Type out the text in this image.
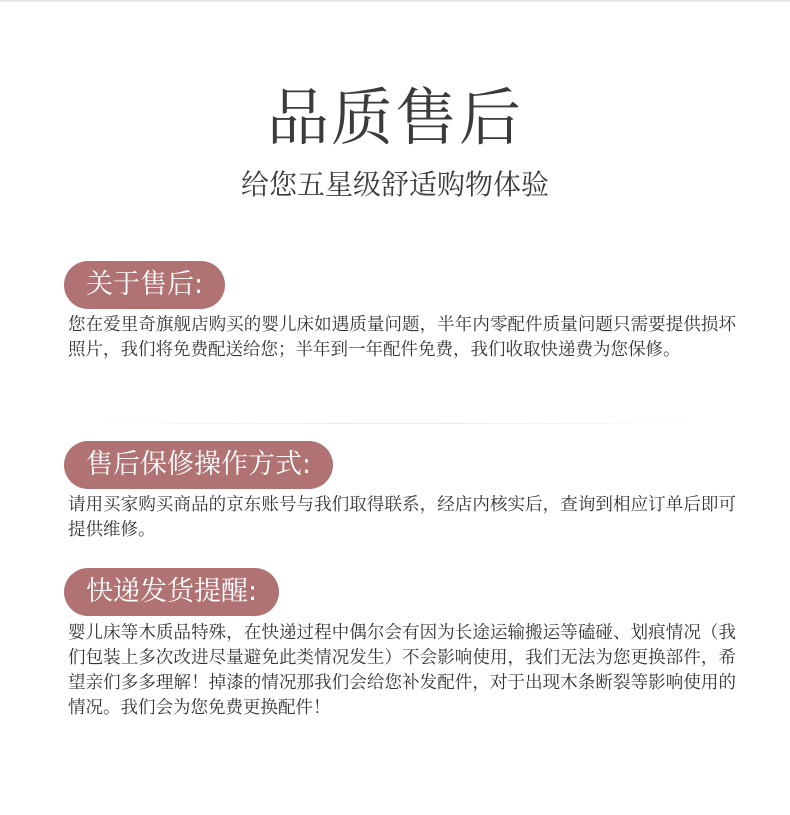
品质售后
给您五星级舒适购物体验
关于售后:
您在爱里奇旗舰店购买的婴儿床如遇质量问题，半年内零配件质量问题只需要提供损坏照片，我们将免费配送给您；半年到一年配件免费，我们收取快递费为您保修。
售后保修操作方式:
请用买家购买商品的京东账号与我们取得联系，经店内核实后，查询到相应订单后即可提供维修。
快递发货提醒:
婴儿床等木质品特殊，在快递过程中偶尔会有因为长途运输搬运等磕碰、划痕情况（我们包装上多次改进尽量避免此类情况发生）不会影响使用，我们无法为您更换部件，希望亲们多多理解！掉漆的情况那我们会给您补发配件，对于出现木条断裂等影响使用的情况。我们会为您免费更换配件！
